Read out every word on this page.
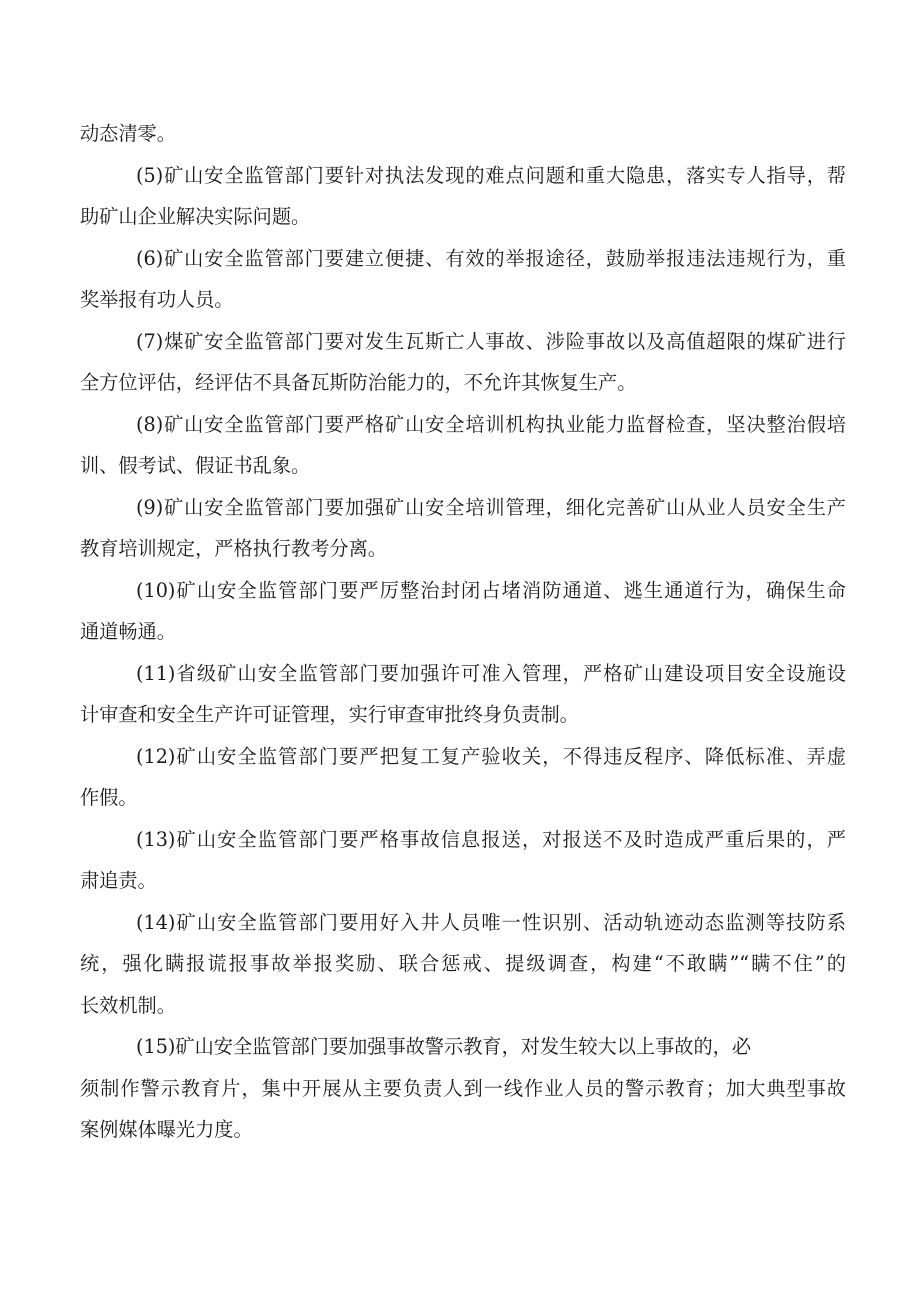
动态清零。
(5)矿山安全监管部门要针对执法发现的难点问题和重大隐患，落实专人指导，帮
助矿山企业解决实际问题。
(6)矿山安全监管部门要建立便捷、有效的举报途径，鼓励举报违法违规行为，重
奖举报有功人员。
(7)煤矿安全监管部门要对发生瓦斯亡人事故、涉险事故以及高值超限的煤矿进行
全方位评估，经评估不具备瓦斯防治能力的，不允许其恢复生产。
(8)矿山安全监管部门要严格矿山安全培训机构执业能力监督检查，坚决整治假培
训、假考试、假证书乱象。
(9)矿山安全监管部门要加强矿山安全培训管理，细化完善矿山从业人员安全生产
教育培训规定，严格执行教考分离。
(10)矿山安全监管部门要严厉整治封闭占堵消防通道、逃生通道行为，确保生命
通道畅通。
(11)省级矿山安全监管部门要加强许可准入管理，严格矿山建设项目安全设施设
计审查和安全生产许可证管理，实行审查审批终身负责制。
(12)矿山安全监管部门要严把复工复产验收关，不得违反程序、降低标准、弄虚
作假。
(13)矿山安全监管部门要严格事故信息报送，对报送不及时造成严重后果的，严
肃追责。
(14)矿山安全监管部门要用好入井人员唯一性识别、活动轨迹动态监测等技防系
统，强化瞒报谎报事故举报奖励、联合惩戒、提级调查，构建“不敢瞒”“瞒不住”的
长效机制。
(15)矿山安全监管部门要加强事故警示教育，对发生较大以上事故的，必
须制作警示教育片，集中开展从主要负责人到一线作业人员的警示教育；加大典型事故
案例媒体曝光力度。
